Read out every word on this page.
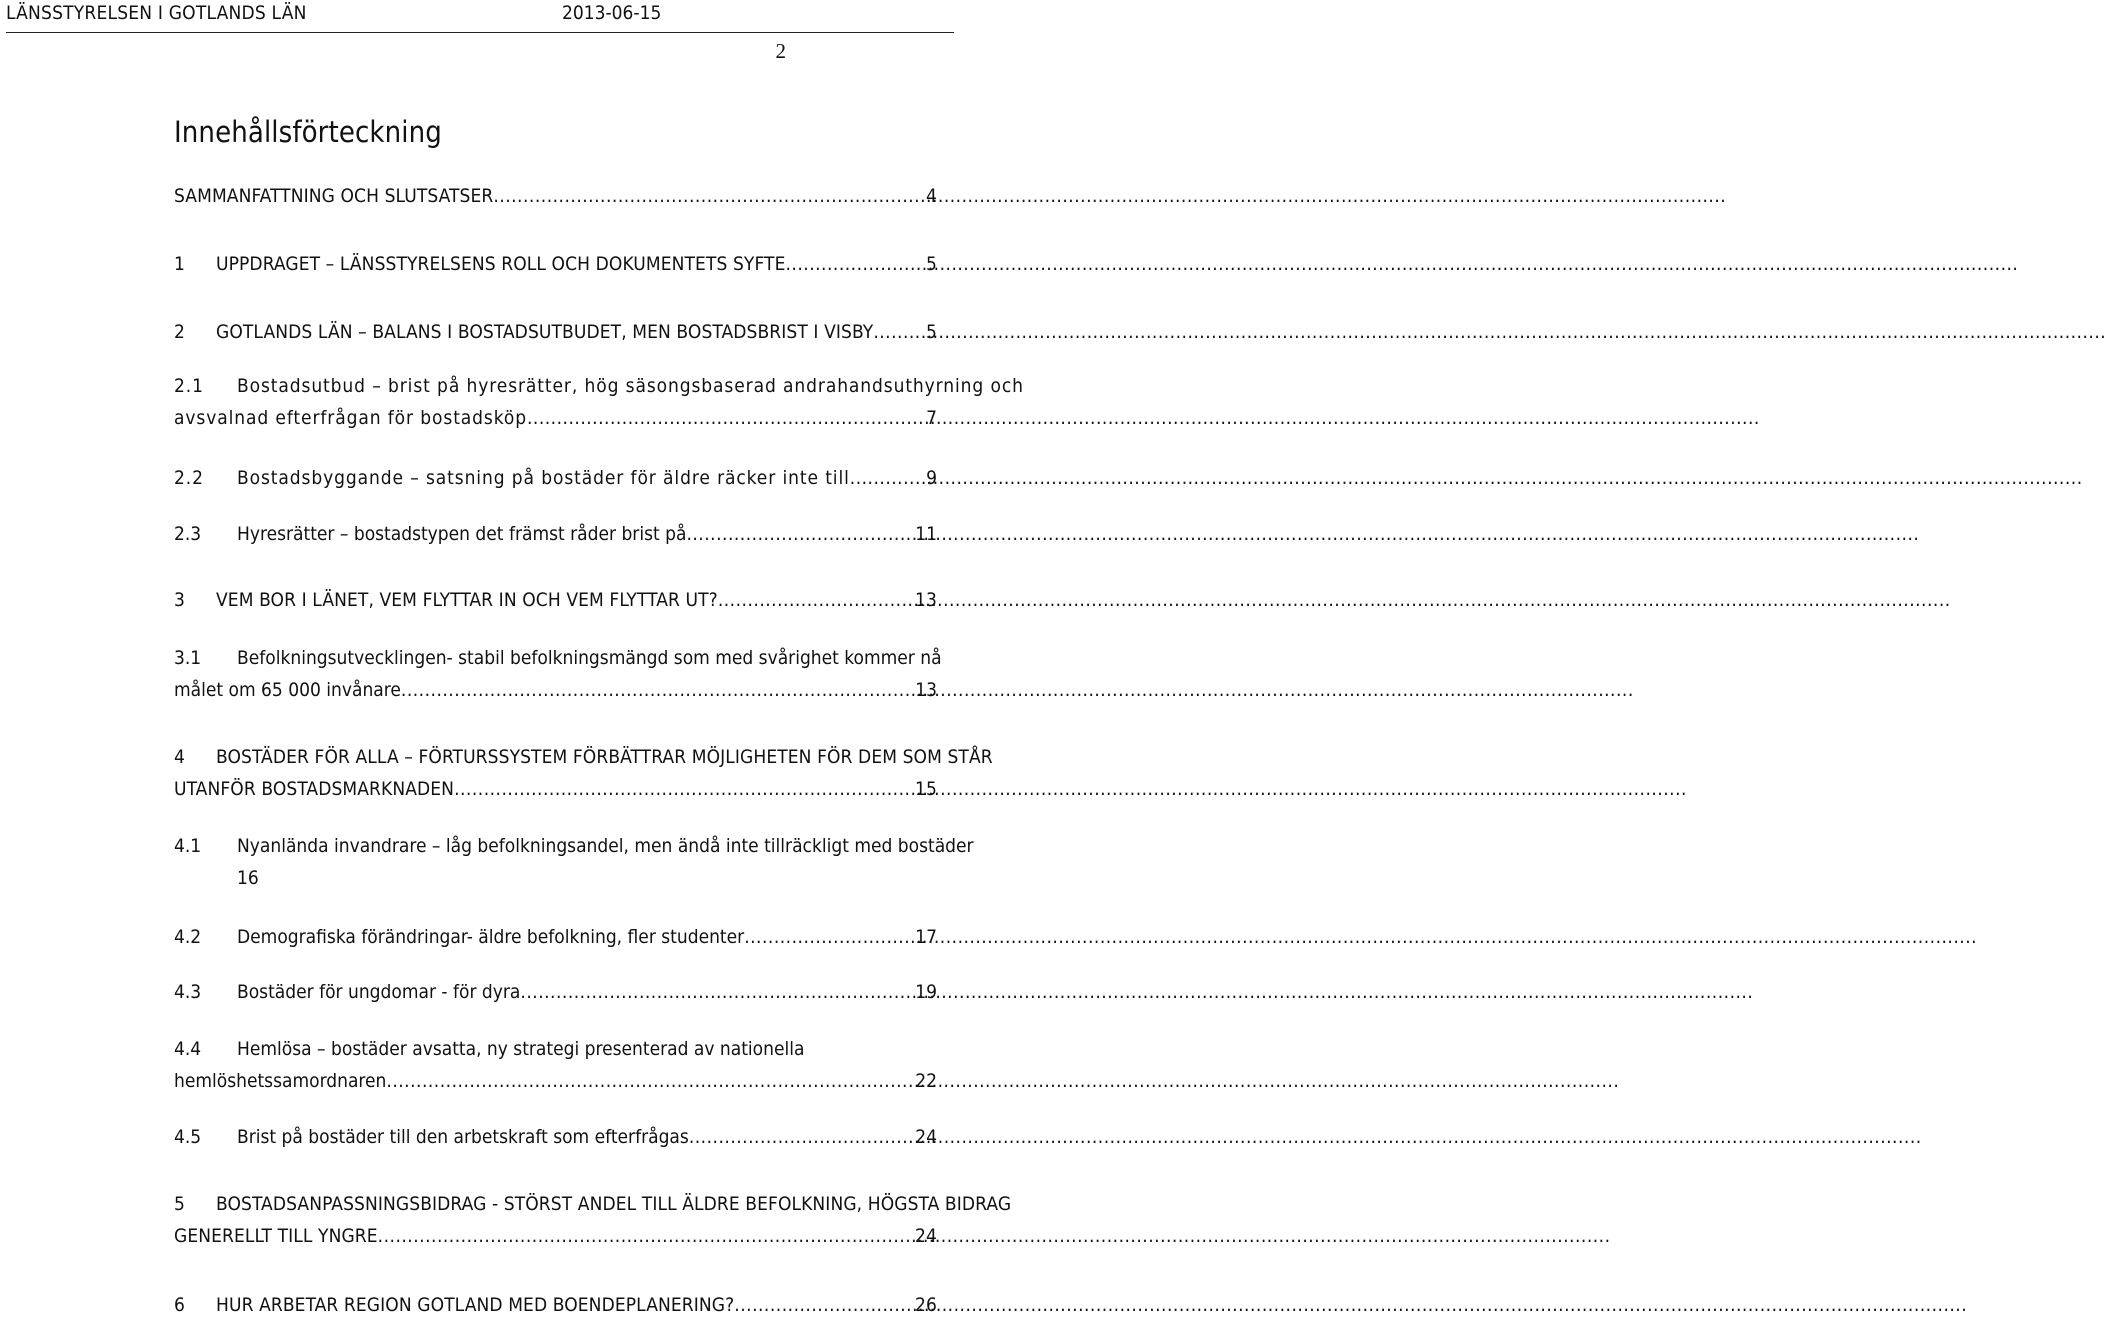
LÄNSSTYRELSEN I GOTLANDS LÄN	2013-06-15
2
Innehållsförteckning
SAMMANFATTNING OCH SLUTSATSER .....	4
1	UPPDRAGET – LÄNSSTYRELSENS ROLL OCH DOKUMENTETS SYFTE .....	5
2	GOTLANDS LÄN – BALANS I BOSTADSUTBUDET, MEN BOSTADSBRIST I VISBY .....	5
2.1	Bostadsutbud – brist på hyresrätter, hög säsongsbaserad andrahandsuthyrning och
avsvalnad efterfrågan för bostadsköp .....	7
2.2	Bostadsbyggande – satsning på bostäder för äldre räcker inte till .....	9
2.3	Hyresrätter – bostadstypen det främst råder brist på .....	11
3	VEM BOR I LÄNET, VEM FLYTTAR IN OCH VEM FLYTTAR UT? .....	13
3.1	Befolkningsutvecklingen- stabil befolkningsmängd som med svårighet kommer nå
målet om 65 000 invånare .....	13
4	BOSTÄDER FÖR ALLA – FÖRTURSSYSTEM FÖRBÄTTRAR MÖJLIGHETEN FÖR DEM SOM STÅR
UTANFÖR BOSTADSMARKNADEN .....	15
4.1	Nyanlända invandrare – låg befolkningsandel, men ändå inte tillräckligt med bostäder
16
4.2	Demografiska förändringar- äldre befolkning, fler studenter .....	17
4.3	Bostäder för ungdomar - för dyra .....	19
4.4	Hemlösa – bostäder avsatta, ny strategi presenterad av nationella
hemlöshetssamordnaren .....	22
4.5	Brist på bostäder till den arbetskraft som efterfrågas .....	24
5	BOSTADSANPASSNINGSBIDRAG - STÖRST ANDEL TILL ÄLDRE BEFOLKNING, HÖGSTA BIDRAG
GENERELLT TILL YNGRE .....	24
6	HUR ARBETAR REGION GOTLAND MED BOENDEPLANERING? .....	26
